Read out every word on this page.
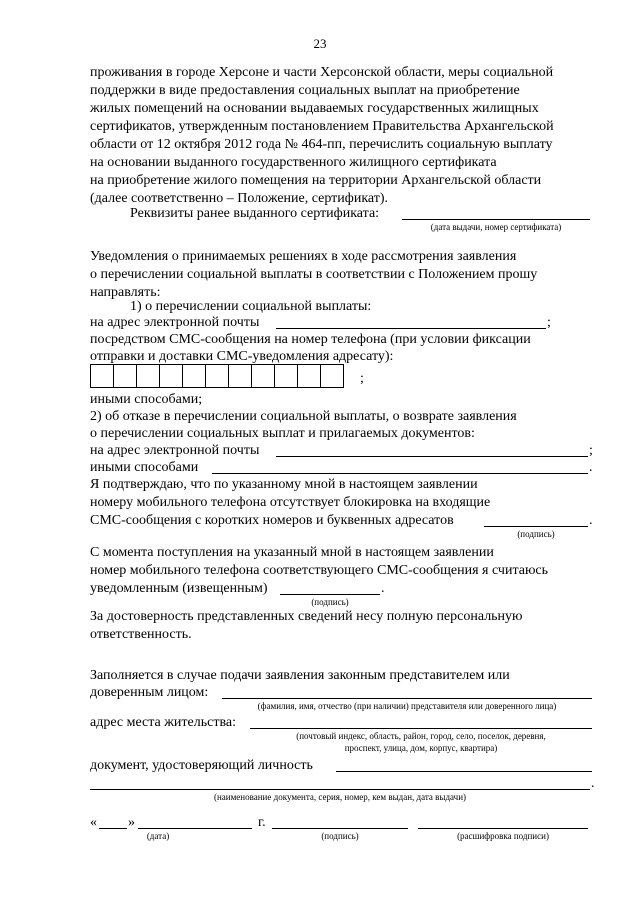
23
проживания в городе Херсоне и части Херсонской области, меры социальной
поддержки в виде предоставления социальных выплат на приобретение
жилых помещений на основании выдаваемых государственных жилищных
сертификатов, утвержденным постановлением Правительства Архангельской
области от 12 октября 2012 года № 464-пп, перечислить социальную выплату
на основании выданного государственного жилищного сертификата
на приобретение жилого помещения на территории Архангельской области
(далее соответственно – Положение, сертификат).
Реквизиты ранее выданного сертификата:
(дата выдачи, номер сертификата)
Уведомления о принимаемых решениях в ходе рассмотрения заявления
о перечислении социальной выплаты в соответствии с Положением прошу
направлять:
1) о перечислении социальной выплаты:
на адрес электронной почты	;
посредством СМС-сообщения на номер телефона (при условии фиксации
отправки и доставки СМС-уведомления адресату):
;
иными способами;
2) об отказе в перечислении социальной выплаты, о возврате заявления
о перечислении социальных выплат и прилагаемых документов:
на адрес электронной почты	;
иными способами	.
Я подтверждаю, что по указанному мной в настоящем заявлении
номеру мобильного телефона отсутствует блокировка на входящие
СМС-сообщения с коротких номеров и буквенных адресатов	.
(подпись)
С момента поступления на указанный мной в настоящем заявлении
номер мобильного телефона соответствующего СМС-сообщения я считаюсь
уведомленным (извещенным)	.
(подпись)
За достоверность представленных сведений несу полную персональную
ответственность.
Заполняется в случае подачи заявления законным представителем или
доверенным лицом:
(фамилия, имя, отчество (при наличии) представителя или доверенного лица)
адрес места жительства:
(почтовый индекс, область, район, город, село, поселок, деревня,
проспект, улица, дом, корпус, квартира)
документ, удостоверяющий личность
.
(наименование документа, серия, номер, кем выдан, дата выдачи)
« »	г.
(дата)	(подпись)	(расшифровка подписи)
